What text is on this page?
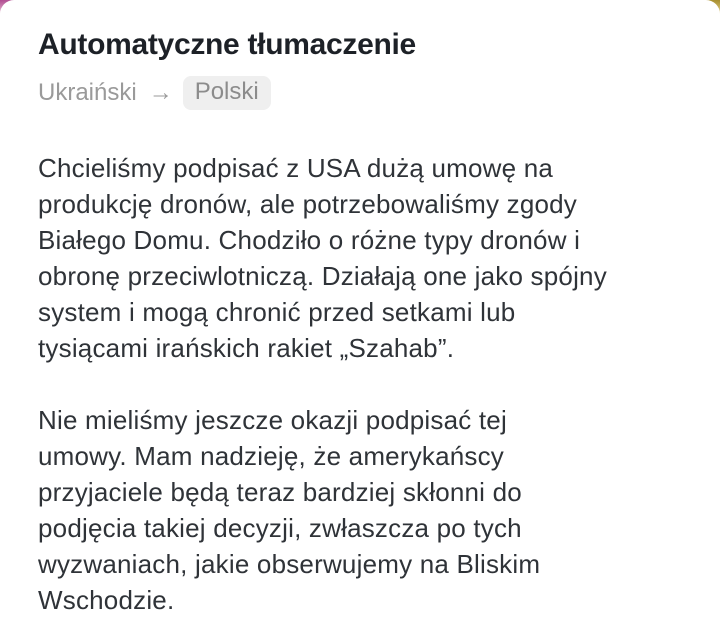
Automatyczne tłumaczenie
Ukraiński → Polski
Chcieliśmy podpisać z USA dużą umowę na
produkcję dronów, ale potrzebowaliśmy zgody
Białego Domu. Chodziło o różne typy dronów i
obronę przeciwlotniczą. Działają one jako spójny
system i mogą chronić przed setkami lub
tysiącami irańskich rakiet „Szahab”.
Nie mieliśmy jeszcze okazji podpisać tej
umowy. Mam nadzieję, że amerykańscy
przyjaciele będą teraz bardziej skłonni do
podjęcia takiej decyzji, zwłaszcza po tych
wyzwaniach, jakie obserwujemy na Bliskim
Wschodzie.
